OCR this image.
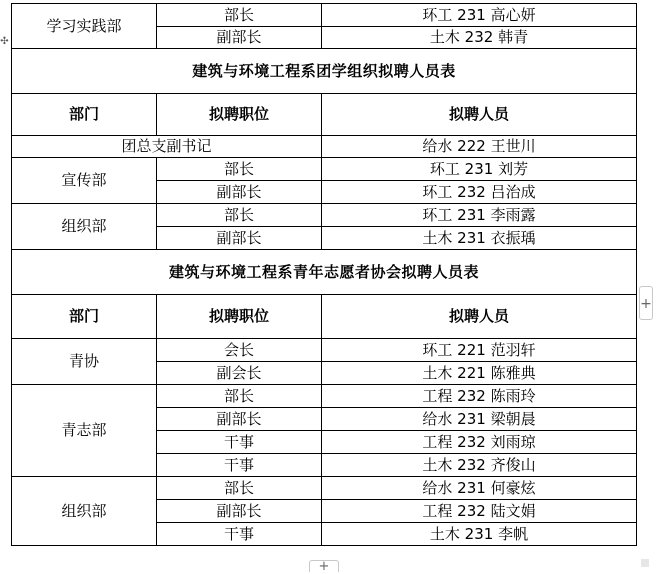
✣
学习实践部	部长	环工 231 高心妍
	副部长	土木 232 韩青
建筑与环境工程系团学组织拟聘人员表		
部门	拟聘职位	拟聘人员
团总支副书记		给水 222 王世川
宣传部	部长	环工 231 刘芳
	副部长	环工 232 吕治成
组织部	部长	环工 231 李雨露
	副部长	土木 231 衣振瑀
建筑与环境工程系青年志愿者协会拟聘人员表		
部门	拟聘职位	拟聘人员
青协	会长	环工 221 范羽轩
	副会长	土木 221 陈雅典
青志部	部长	工程 232 陈雨玲
	副部长	给水 231 梁朝晨
	干事	工程 232 刘雨琼
	干事	土木 232 齐俊山
组织部	部长	给水 231 何豪炫
	副部长	工程 232 陆文娟
	干事	土木 231 李帆
+
+
